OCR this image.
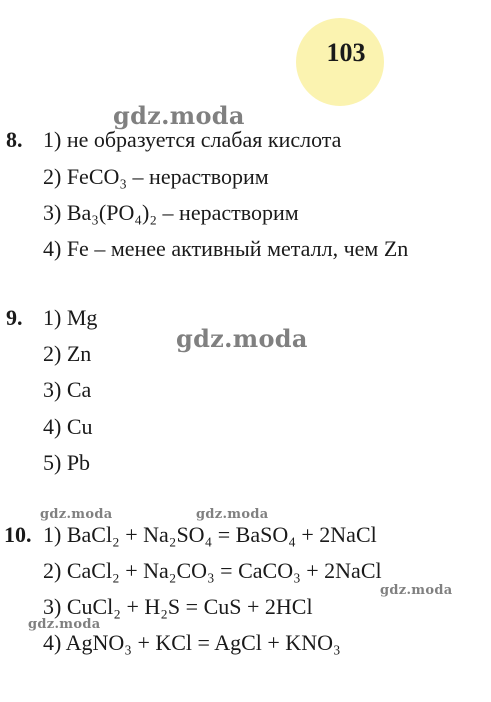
103
gdz.moda
gdz.moda
gdz.moda	gdz.moda
gdz.moda
gdz.moda
8. 1) не образуется слабая кислота
2) FeCO₃ – нерастворим
3) Ba₃(PO₄)₂ – нерастворим
4) Fe – менее активный металл, чем Zn
9. 1) Mg
2) Zn
3) Ca
4) Cu
5) Pb
10. 1) BaCl₂ + Na₂SO₄ = BaSO₄ + 2NaCl
2) CaCl₂ + Na₂CO₃ = CaCO₃ + 2NaCl
3) CuCl₂ + H₂S = CuS + 2HCl
4) AgNO₃ + KCl = AgCl + KNO₃
